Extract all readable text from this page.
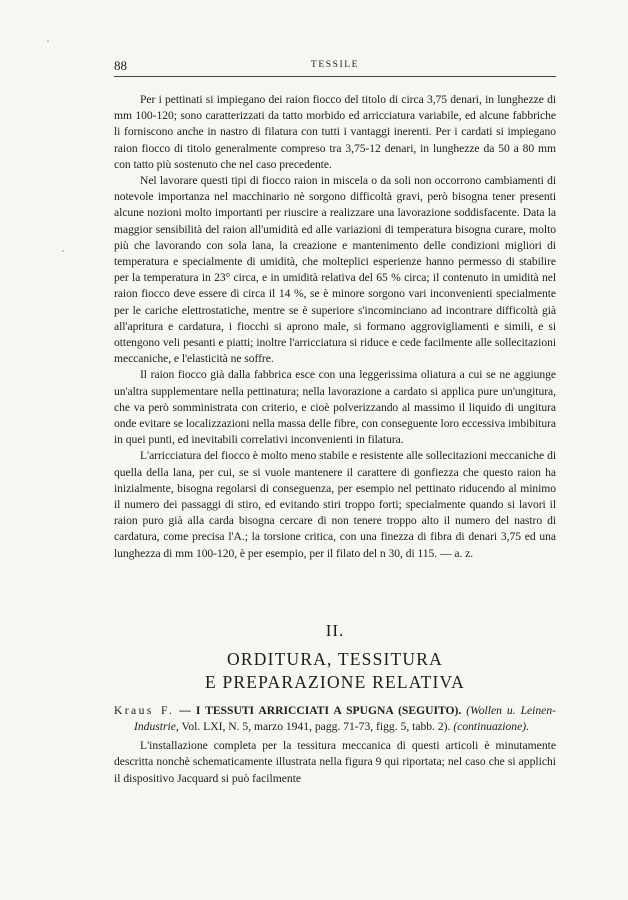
88	TESSILE

Per i pettinati si impiegano dei raion fiocco del titolo di circa 3,75 denari, in lunghezze di mm 100-120; sono caratterizzati da tatto morbido ed arricciatura variabile, ed alcune fabbriche li forniscono anche in nastro di filatura con tutti i vantaggi inerenti. Per i cardati si impiegano raion fiocco di titolo generalmente compreso tra 3,75-12 denari, in lunghezze da 50 a 80 mm con tatto più sostenuto che nel caso precedente.

Nel lavorare questi tipi di fiocco raion in miscela o da soli non occorrono cambiamenti di notevole importanza nel macchinario nè sorgono difficoltà gravi, però bisogna tener presenti alcune nozioni molto importanti per riuscire a realizzare una lavorazione soddisfacente. Data la maggior sensibilità del raion all'umidità ed alle variazioni di temperatura bisogna curare, molto più che lavorando con sola lana, la creazione e mantenimento delle condizioni migliori di temperatura e specialmente di umidità, che molteplici esperienze hanno permesso di stabilire per la temperatura in 23° circa, e in umidità relativa del 65 % circa; il contenuto in umidità nel raion fiocco deve essere di circa il 14 %, se è minore sorgono vari inconvenienti specialmente per le cariche elettrostatiche, mentre se è superiore s'incominciano ad incontrare difficoltà già all'apritura e cardatura, i fiocchi si aprono male, si formano aggrovigliamenti e simili, e si ottengono veli pesanti e piatti; inoltre l'arricciatura si riduce e cede facilmente alle sollecitazioni meccaniche, e l'elasticità ne soffre.

Il raion fiocco già dalla fabbrica esce con una leggerissima oliatura a cui se ne aggiunge un'altra supplementare nella pettinatura; nella lavorazione a cardato si applica pure un'ungitura, che va però somministrata con criterio, e cioè polverizzando al massimo il liquido di ungitura onde evitare se localizzazioni nella massa delle fibre, con conseguente loro eccessiva imbibitura in quei punti, ed inevitabili correlativi inconvenienti in filatura.

L'arricciatura del fiocco è molto meno stabile e resistente alle sollecitazioni meccaniche di quella della lana, per cui, se si vuole mantenere il carattere di gonfiezza che questo raion ha inizialmente, bisogna regolarsi di conseguenza, per esempio nel pettinato riducendo al minimo il numero dei passaggi di stiro, ed evitando stiri troppo forti; specialmente quando si lavori il raion puro già alla carda bisogna cercare di non tenere troppo alto il numero del nastro di cardatura, come precisa l'A.; la torsione critica, con una finezza di fibra di denari 3,75 ed una lunghezza di mm 100-120, è per esempio, per il filato del n 30, di 115. — a. z.

II.
ORDITURA, TESSITURA
E PREPARAZIONE RELATIVA

Kraus F. — I TESSUTI ARRICCIATI A SPUGNA (SEGUITO). (Wollen u. Leinen-Industrie, Vol. LXI, N. 5, marzo 1941, pagg. 71-73, figg. 5, tabb. 2). (continuazione).

L'installazione completa per la tessitura meccanica di questi articoli è minutamente descritta nonchè schematicamente illustrata nella figura 9 qui riportata; nel caso che si applichi il dispositivo Jacquard si può facilmente
